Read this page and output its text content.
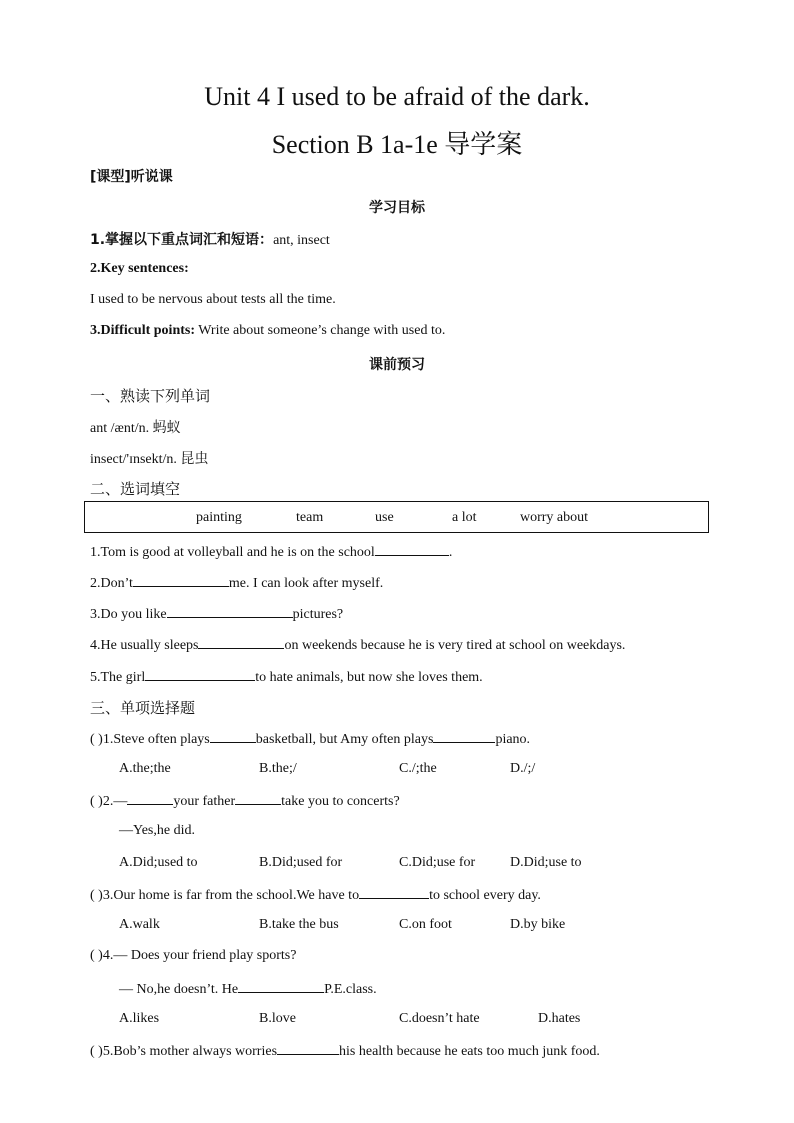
Unit 4 I used to be afraid of the dark.
Section B 1a-1e 导学案
[课型]听说课
学习目标
1.掌握以下重点词汇和短语：ant, insect
2.Key sentences:
I used to be nervous about tests all the time.
3.Difficult points: Write about someone’s change with used to.
课前预习
一、熟读下列单词
ant /ænt/n. 蚂蚁
insect/'ɪnsekt/n. 昆虫
二、选词填空
painting	team	use	a lot	worry about
1.Tom is good at volleyball and he is on the school	.
2.Don’t	me. I can look after myself.
3.Do you like	pictures?
4.He usually sleeps	on weekends because he is very tired at school on weekdays.
5.The girl	to hate animals, but now she loves them.
三、单项选择题
( )1.Steve often plays	basketball, but Amy often plays	piano.
A.the;the	B.the;/	C./;the	D./;/
( )2.—	your father	take you to concerts?
—Yes,he did.
A.Did;used to	B.Did;used for	C.Did;use for D.Did;use to
( )3.Our home is far from the school.We have to	to school every day.
A.walk	B.take the bus	C.on foot	D.by bike
( )4.— Does your friend play sports?
— No,he doesn’t. He	P.E.class.
A.likes	B.love	C.doesn’t hate	D.hates
( )5.Bob’s mother always worries	his health because he eats too much junk food.
